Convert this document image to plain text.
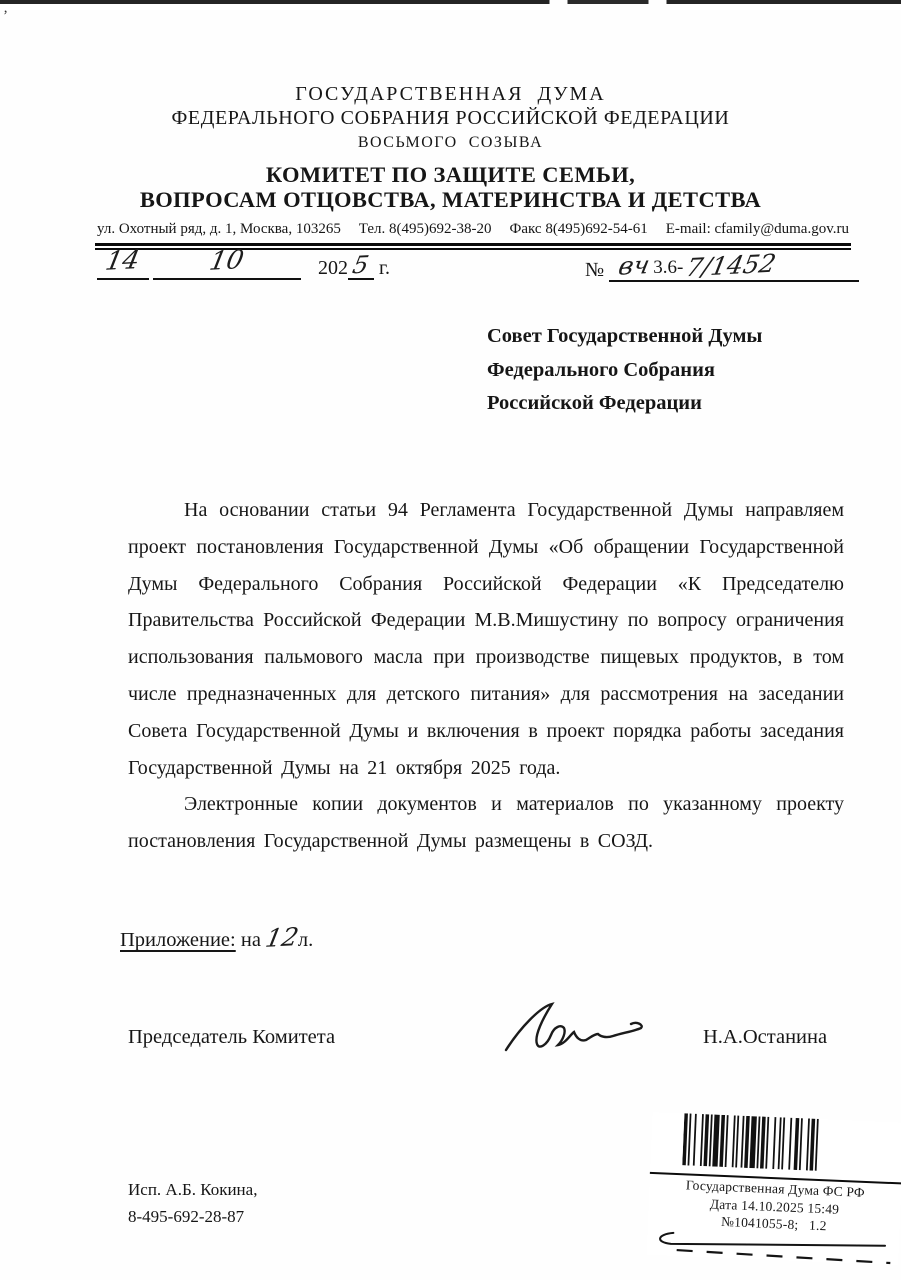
’
ГОСУДАРСТВЕННАЯ  ДУМА
ФЕДЕРАЛЬНОГО СОБРАНИЯ РОССИЙСКОЙ ФЕДЕРАЦИИ
ВОСЬМОГО  СОЗЫВА
КОМИТЕТ ПО ЗАЩИТЕ СЕМЬИ,
ВОПРОСАМ ОТЦОВСТВА, МАТЕРИНСТВА И ДЕТСТВА
ул. Охотный ряд, д. 1, Москва, 103265 Тел. 8(495)692-38-20 Факс 8(495)692-54-61 E-mail: cfamily@duma.gov.ru
14	10	202 5 г.	№ вч3.6-7/1452
Совет Государственной Думы
Федерального Собрания
Российской Федерации

На основании статьи 94 Регламента Государственной Думы направляем проект постановления Государственной Думы «Об обращении Государственной Думы Федерального Собрания Российской Федерации «К Председателю Правительства Российской Федерации М.В.Мишустину по вопросу ограничения использования пальмового масла при производстве пищевых продуктов, в том числе предназначенных для детского питания» для рассмотрения на заседании Совета Государственной Думы и включения в проект порядка работы заседания Государственной Думы на 21 октября 2025 года.

Электронные копии документов и материалов по указанному проекту постановления Государственной Думы размещены в СОЗД.

Приложение: на 12л.
Председатель Комитета	Н.А.Останина
Исп. А.Б. Кокина,
8-495-692-28-87
Государственная Дума ФС РФ
Дата 14.10.2025 15:49
№1041055-8;   1.2
